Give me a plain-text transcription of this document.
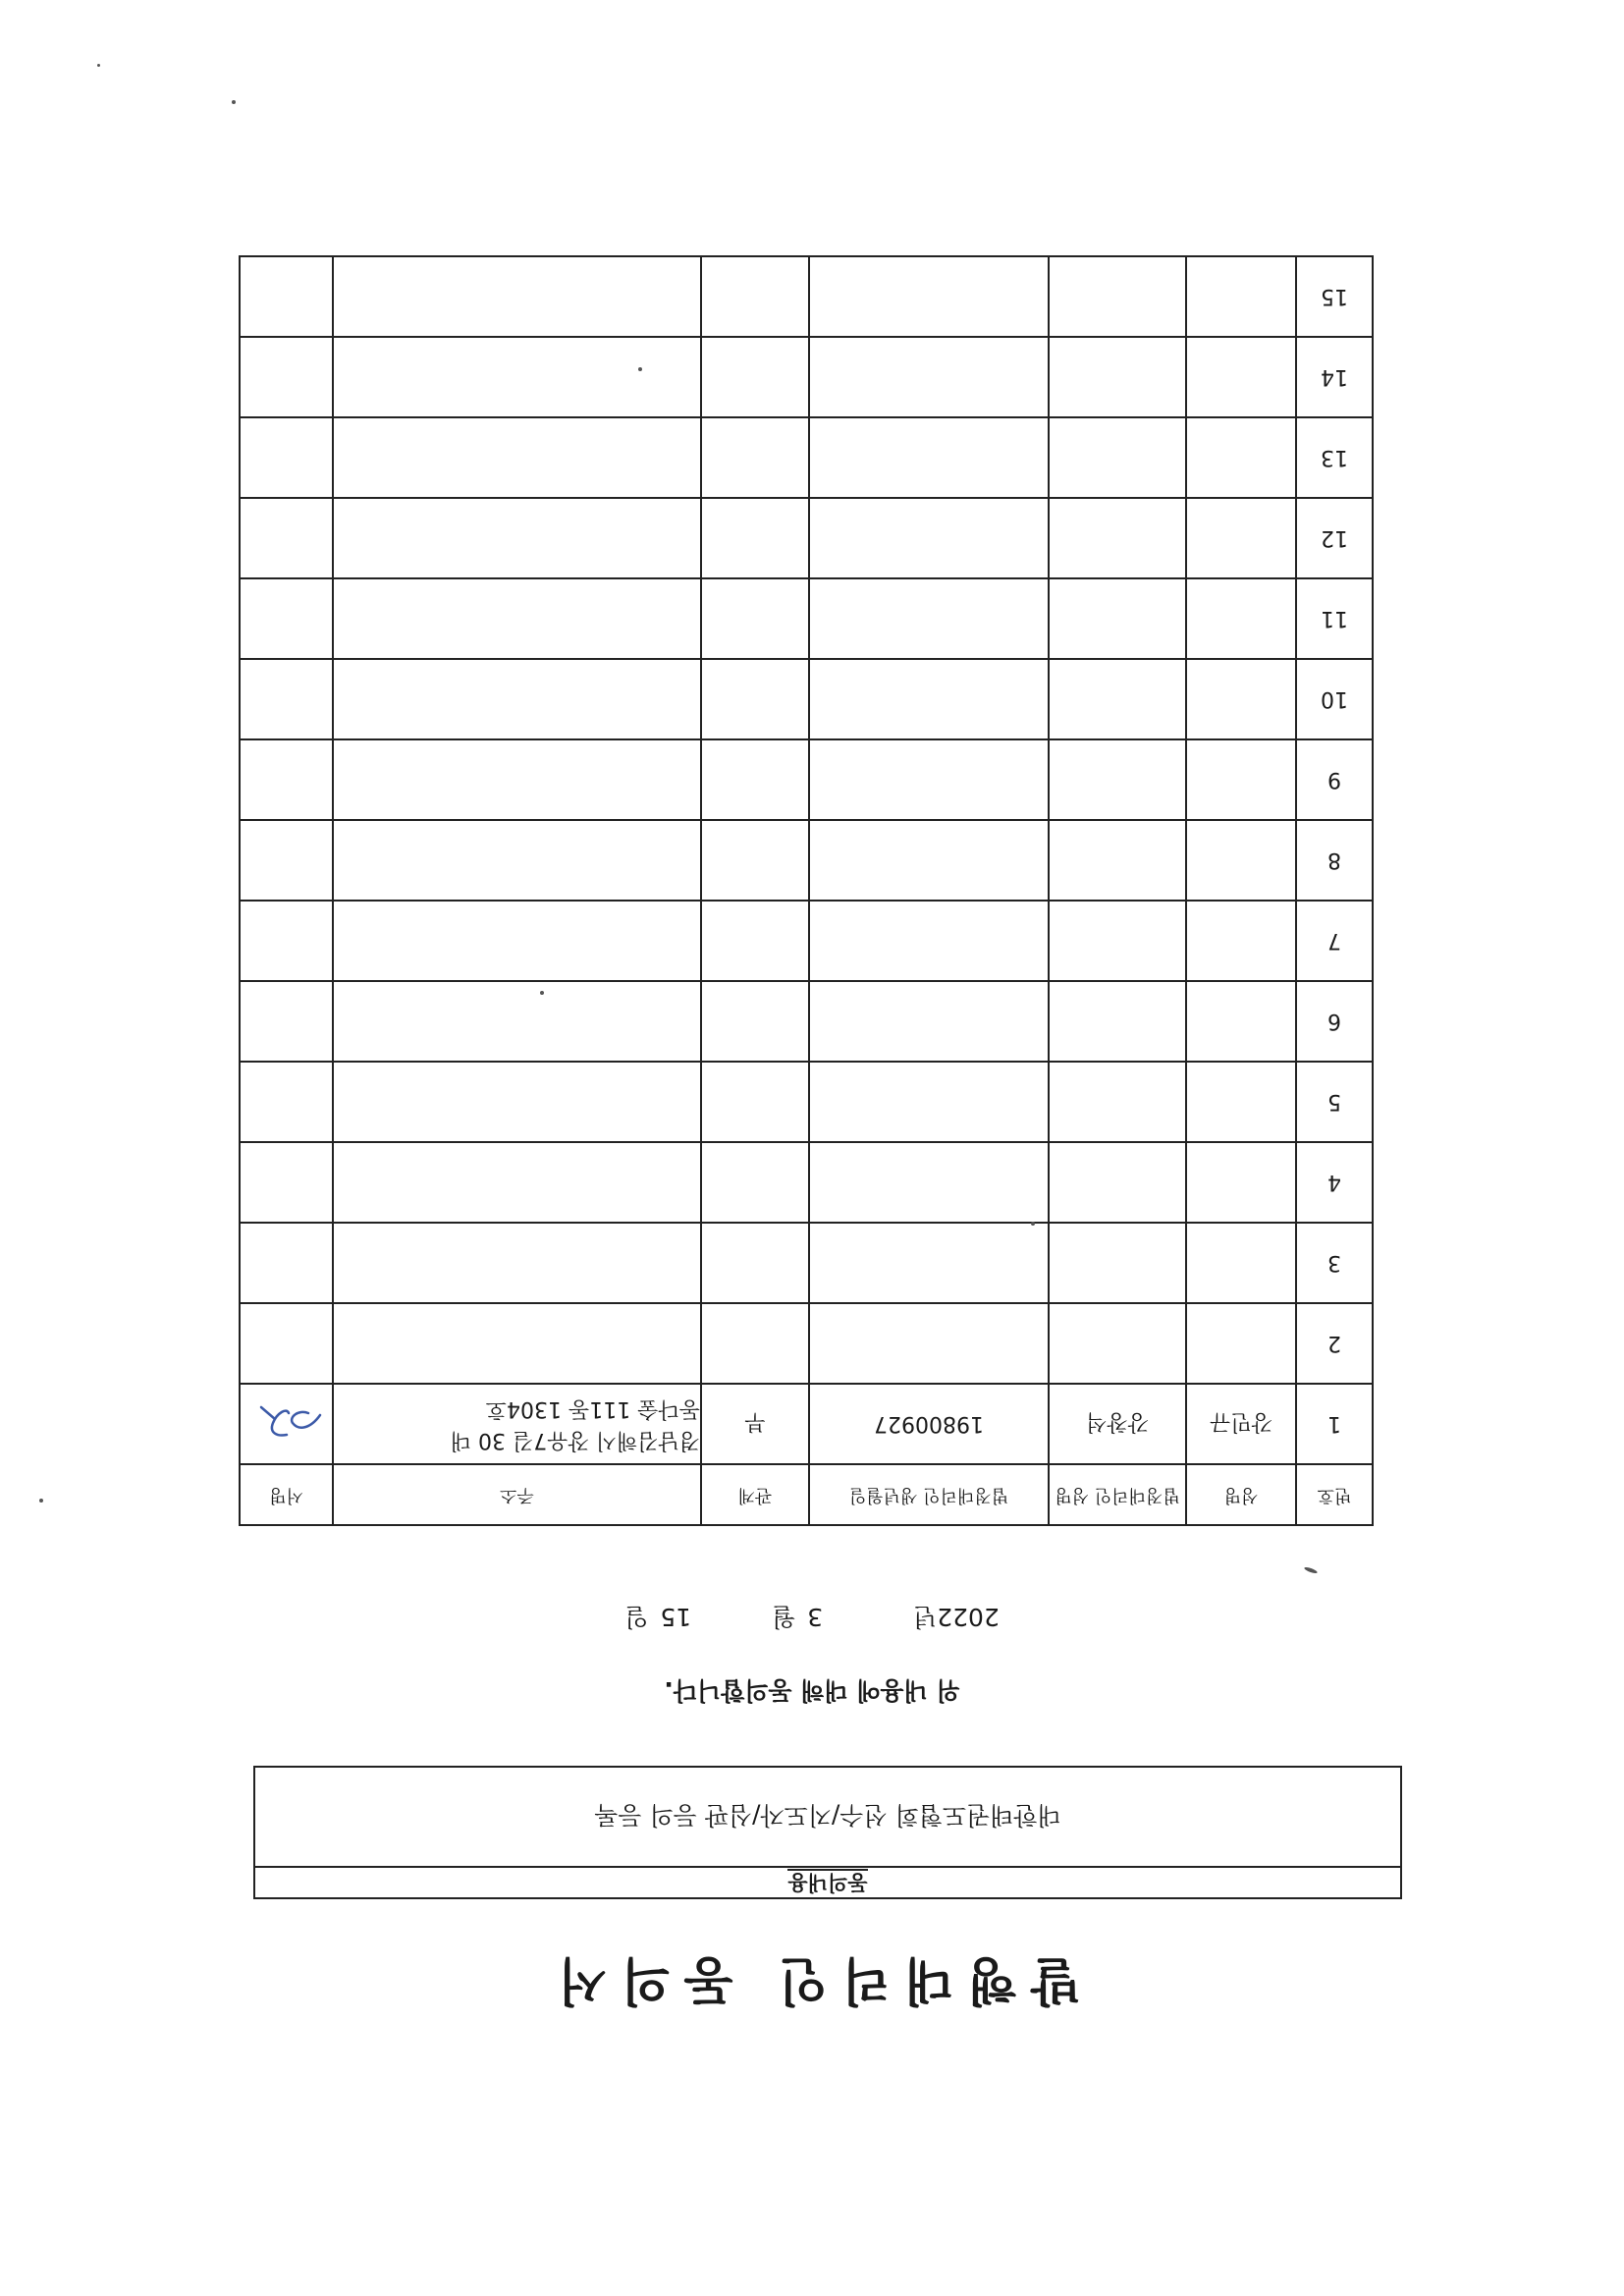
발행대리인 동의서
동의내용
대한태권도협회 선수/지도자/심판 등의 등록
위 내용에 대해 동의합니다.
2022년 3 월 15 일
번호	성명	법정대리인 성명	법정대리인 생년월일	관계	주소	서명
1	강민규	강창석	19800927	부	경남김해시 장유7길 30 대
동다숲 111동 1304호

2						
3						
4						
5						
6						
7						
8						
9						
10						
11						
12						
13						
14						
15						
